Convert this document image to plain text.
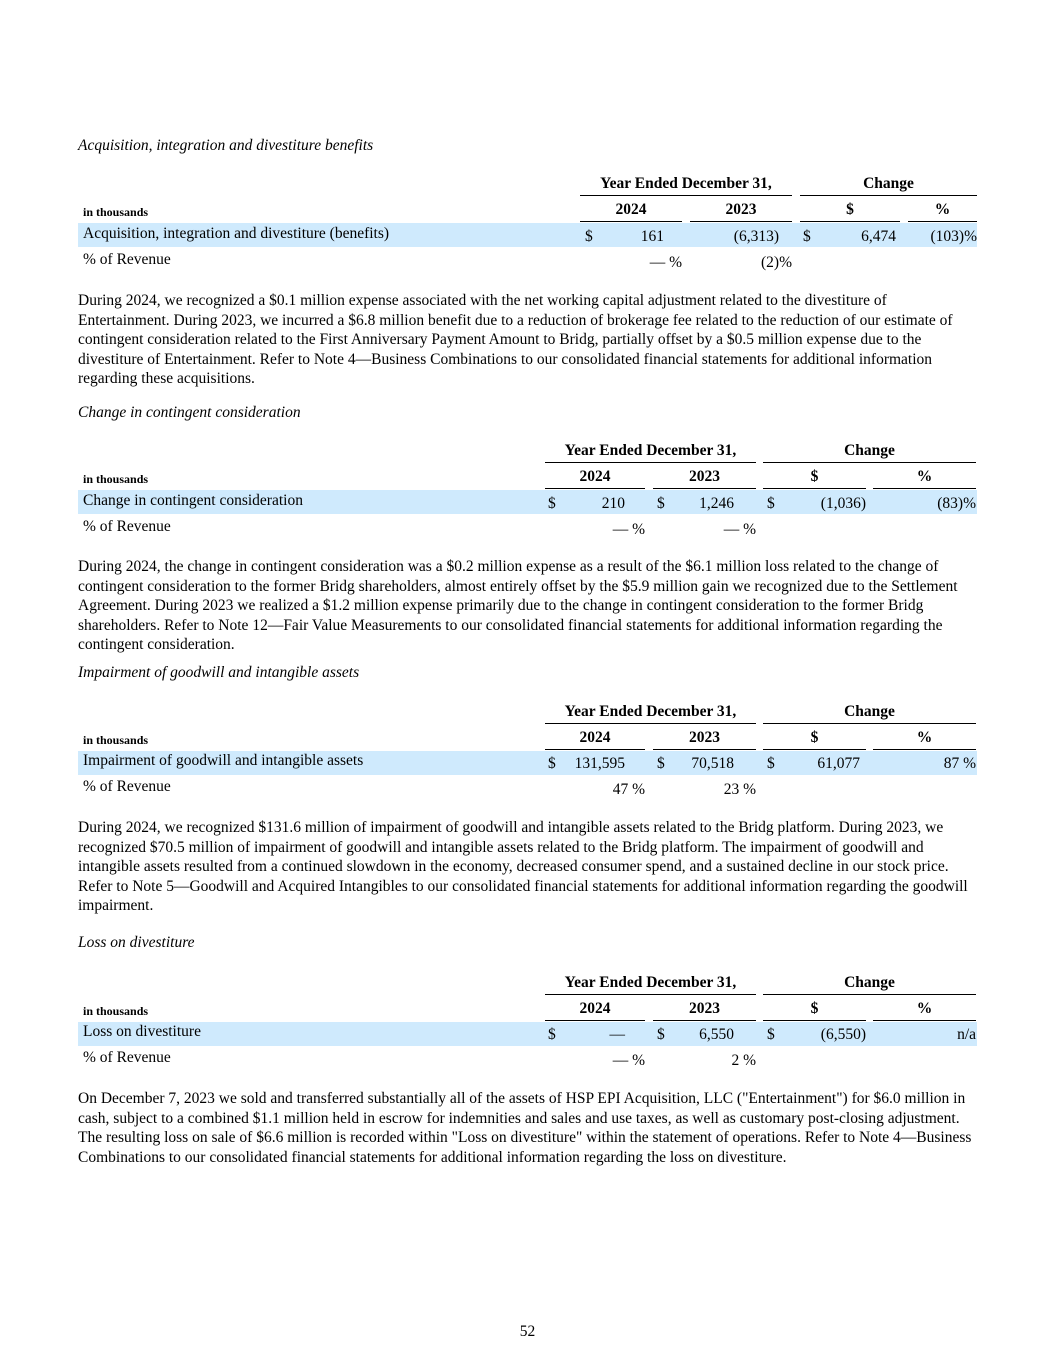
Acquisition, integration and divestiture benefits
Year Ended December 31,	Change
in thousands	2024	2023	$	%
Acquisition, integration and divestiture (benefits)	$	161	(6,313) $	6,474	(103)%
% of Revenue	— %	(2)%
During 2024, we recognized a $0.1 million expense associated with the net working capital adjustment related to the divestiture of Entertainment. During 2023, we incurred a $6.8 million benefit due to a reduction of brokerage fee related to the reduction of our estimate of contingent consideration related to the First Anniversary Payment Amount to Bridg, partially offset by a $0.5 million expense due to the divestiture of Entertainment. Refer to Note 4—Business Combinations to our consolidated financial statements for additional information regarding these acquisitions.
Change in contingent consideration
Year Ended December 31,	Change
in thousands	2024	2023	$	%
Change in contingent consideration	$	210 $	1,246 $	(1,036)	(83)%
% of Revenue	— %	— %
During 2024, the change in contingent consideration was a $0.2 million expense as a result of the $6.1 million loss related to the change of contingent consideration to the former Bridg shareholders, almost entirely offset by the $5.9 million gain we recognized due to the Settlement Agreement. During 2023 we realized a $1.2 million expense primarily due to the change in contingent consideration to the former Bridg shareholders. Refer to Note 12—Fair Value Measurements to our consolidated financial statements for additional information regarding the contingent consideration.
Impairment of goodwill and intangible assets
Year Ended December 31,	Change
in thousands	2024	2023	$	%
Impairment of goodwill and intangible assets	$	131,595 $	70,518 $	61,077	87 %
% of Revenue	47 %	23 %
During 2024, we recognized $131.6 million of impairment of goodwill and intangible assets related to the Bridg platform. During 2023, we recognized $70.5 million of impairment of goodwill and intangible assets related to the Bridg platform. The impairment of goodwill and intangible assets resulted from a continued slowdown in the economy, decreased consumer spend, and a sustained decline in our stock price. Refer to Note 5—Goodwill and Acquired Intangibles to our consolidated financial statements for additional information regarding the goodwill impairment.
Loss on divestiture
Year Ended December 31,	Change
in thousands	2024	2023	$	%
Loss on divestiture	$	— $	6,550 $	(6,550)	n/a
% of Revenue	— %	2 %
On December 7, 2023 we sold and transferred substantially all of the assets of HSP EPI Acquisition, LLC ("Entertainment") for $6.0 million in cash, subject to a combined $1.1 million held in escrow for indemnities and sales and use taxes, as well as customary post-closing adjustment. The resulting loss on sale of $6.6 million is recorded within "Loss on divestiture" within the statement of operations. Refer to Note 4—Business Combinations to our consolidated financial statements for additional information regarding the loss on divestiture.
52
